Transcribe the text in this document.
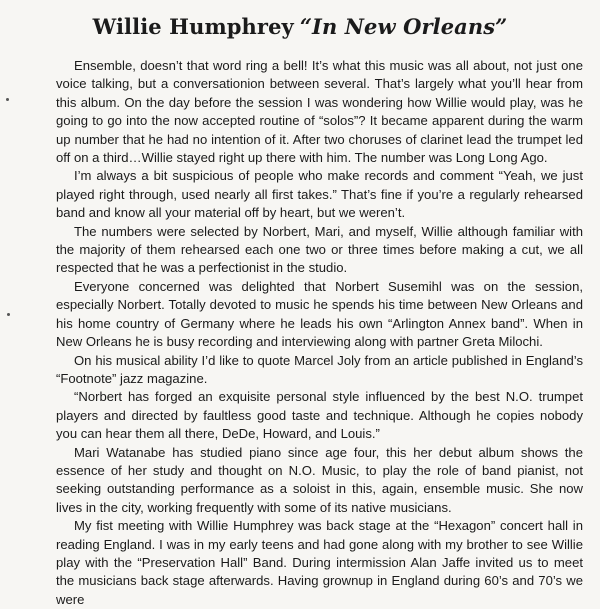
Willie Humphrey “In New Orleans”

Ensemble, doesn’t that word ring a bell! It’s what this music was all about, not just one voice talking, but a conversationion between several. That’s largely what you’ll hear from this album. On the day before the session I was wondering how Willie would play, was he going to go into the now accepted routine of “solos”? It became apparent during the warm up number that he had no intention of it. After two choruses of clarinet lead the trumpet led off on a third…Willie stayed right up there with him. The number was Long Long Ago.

I’m always a bit suspicious of people who make records and comment “Yeah, we just played right through, used nearly all first takes.” That’s fine if you’re a regularly rehearsed band and know all your material off by heart, but we weren’t.

The numbers were selected by Norbert, Mari, and myself, Willie although familiar with the majority of them rehearsed each one two or three times before making a cut, we all respected that he was a perfectionist in the studio.

Everyone concerned was delighted that Norbert Susemihl was on the session, especially Norbert. Totally devoted to music he spends his time between New Orleans and his home country of Germany where he leads his own “Arlington Annex band”. When in New Orleans he is busy recording and interviewing along with partner Greta Milochi.

On his musical ability I’d like to quote Marcel Joly from an article published in England’s “Footnote” jazz magazine.

“Norbert has forged an exquisite personal style influenced by the best N.O. trumpet players and directed by faultless good taste and technique. Although he copies nobody you can hear them all there, DeDe, Howard, and Louis.”

Mari Watanabe has studied piano since age four, this her debut album shows the essence of her study and thought on N.O. Music, to play the role of band pianist, not seeking outstanding performance as a soloist in this, again, ensemble music. She now lives in the city, working frequently with some of its native musicians.

My fist meeting with Willie Humphrey was back stage at the “Hexagon” concert hall in reading England. I was in my early teens and had gone along with my brother to see Willie play with the “Preservation Hall” Band. During intermission Alan Jaffe invited us to meet the musicians back stage afterwards. Having grownup in England during 60’s and 70’s we were
